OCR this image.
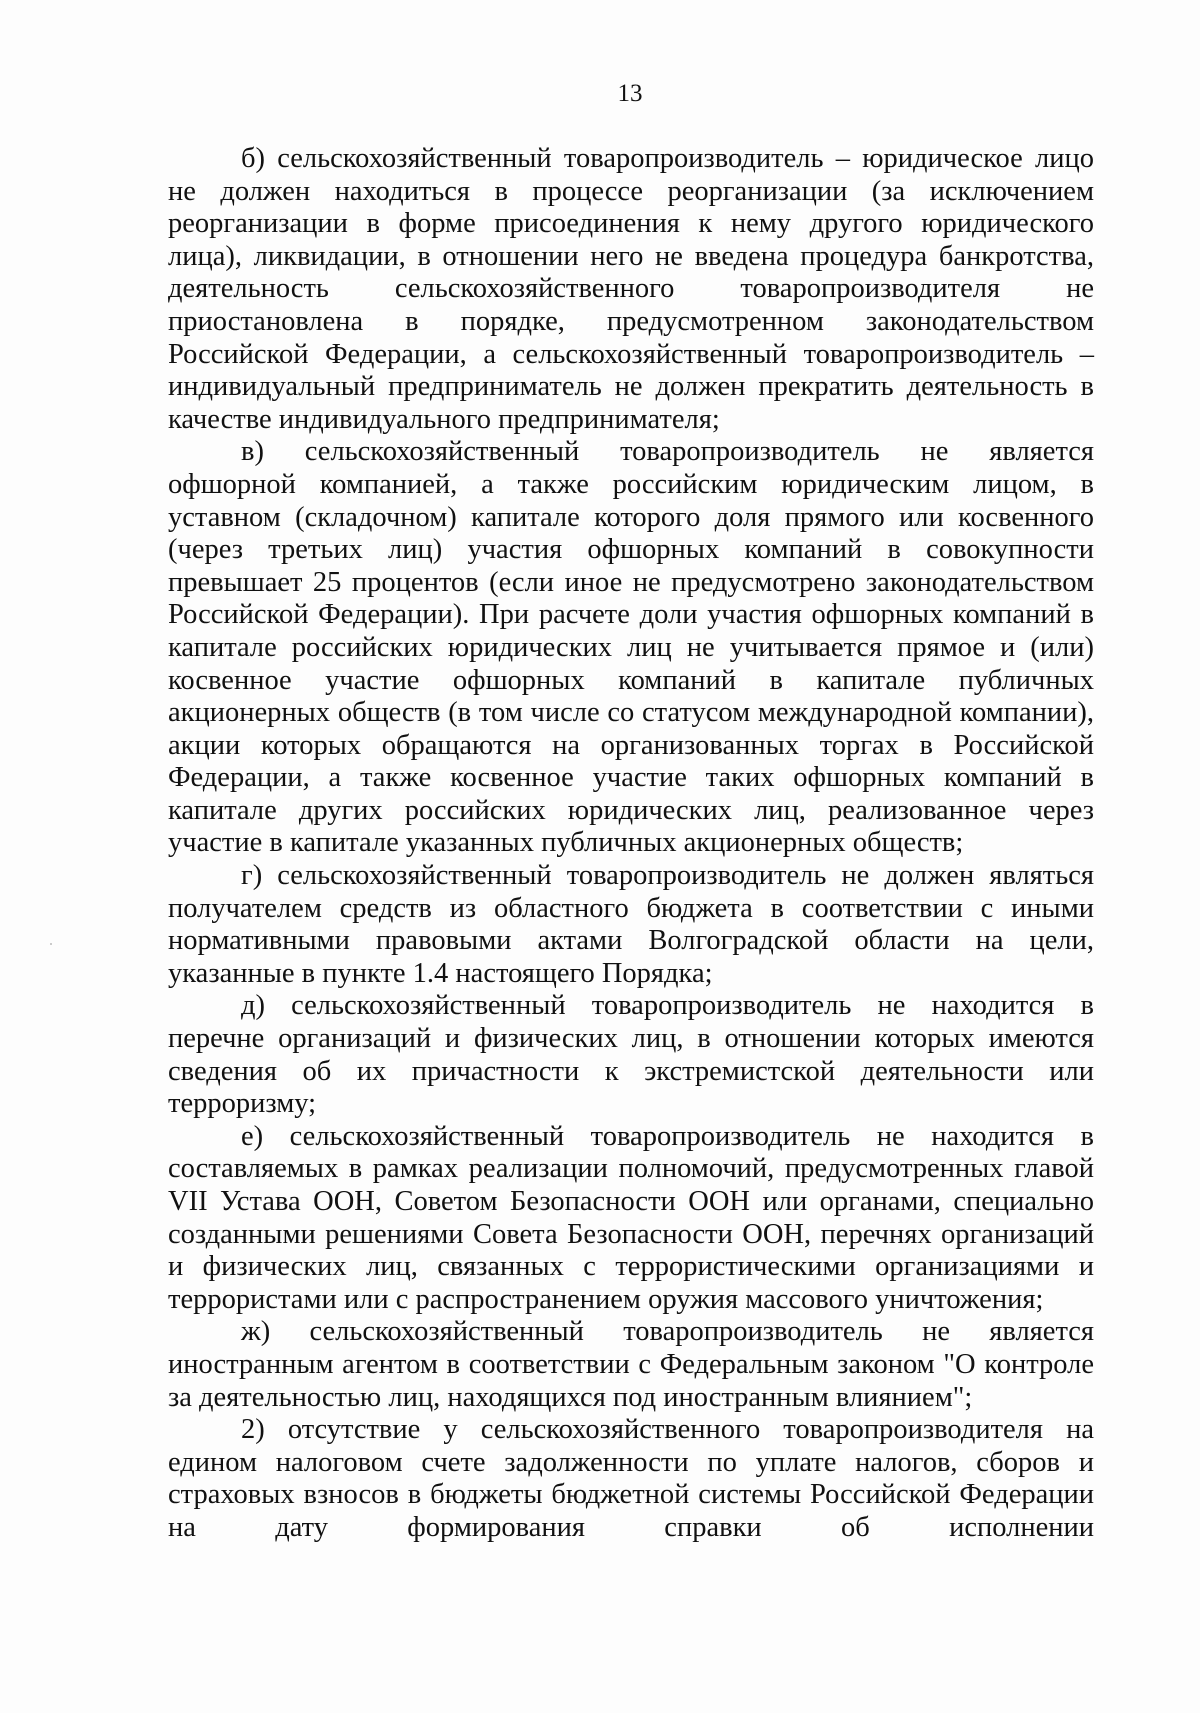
13

б) сельскохозяйственный товаропроизводитель – юридическое лицо не должен находиться в процессе реорганизации (за исключением реорганизации в форме присоединения к нему другого юридического лица), ликвидации, в отношении него не введена процедура банкротства, деятельность сельскохозяйственного товаропроизводителя не приостановлена в порядке, предусмотренном законодательством Российской Федерации, а сельскохозяйственный товаропроизводитель – индивидуальный предприниматель не должен прекратить деятельность в качестве индивидуального предпринимателя;

в) сельскохозяйственный товаропроизводитель не является офшорной компанией, а также российским юридическим лицом, в уставном (складочном) капитале которого доля прямого или косвенного (через третьих лиц) участия офшорных компаний в совокупности превышает 25 процентов (если иное не предусмотрено законодательством Российской Федерации). При расчете доли участия офшорных компаний в капитале российских юридических лиц не учитывается прямое и (или) косвенное участие офшорных компаний в капитале публичных акционерных обществ (в том числе со статусом международной компании), акции которых обращаются на организованных торгах в Российской Федерации, а также косвенное участие таких офшорных компаний в капитале других российских юридических лиц, реализованное через участие в капитале указанных публичных акционерных обществ;

г) сельскохозяйственный товаропроизводитель не должен являться получателем средств из областного бюджета в соответствии с иными нормативными правовыми актами Волгоградской области на цели, указанные в пункте 1.4 настоящего Порядка;

д) сельскохозяйственный товаропроизводитель не находится в перечне организаций и физических лиц, в отношении которых имеются сведения об их причастности к экстремистской деятельности или терроризму;

е) сельскохозяйственный товаропроизводитель не находится в составляемых в рамках реализации полномочий, предусмотренных главой VII Устава ООН, Советом Безопасности ООН или органами, специально созданными решениями Совета Безопасности ООН, перечнях организаций и физических лиц, связанных с террористическими организациями и террористами или с распространением оружия массового уничтожения;

ж) сельскохозяйственный товаропроизводитель не является иностранным агентом в соответствии с Федеральным законом "О контроле за деятельностью лиц, находящихся под иностранным влиянием";

2) отсутствие у сельскохозяйственного товаропроизводителя на едином налоговом счете задолженности по уплате налогов, сборов и страховых взносов в бюджеты бюджетной системы Российской Федерации на дату формирования справки об исполнении
